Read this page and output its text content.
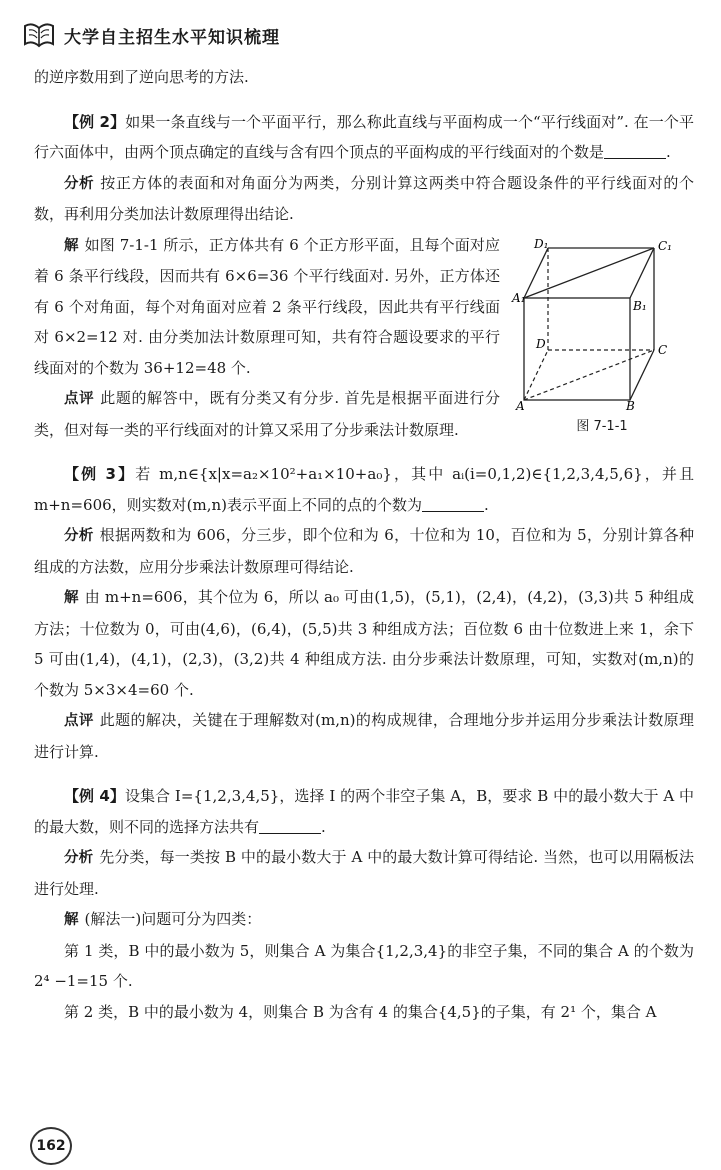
大学自主招生水平知识梳理

的逆序数用到了逆向思考的方法.

【例 2】如果一条直线与一个平面平行，那么称此直线与平面构成一个“平行线面对”. 在一个平行六面体中，由两个顶点确定的直线与含有四个顶点的平面构成的平行线面对的个数是	.

分析 按正方体的表面和对角面分为两类，分别计算这两类中符合题设条件的平行线面对的个数，再利用分类加法计数原理得出结论.

D₁	C₁
A₁
B₁
D	C
A	B
图 7-1-1

解 如图 7-1-1 所示，正方体共有 6 个正方形平面，且每个面对应着 6 条平行线段，因而共有 6×6=36 个平行线面对. 另外，正方体还有 6 个对角面，每个对角面对应着 2 条平行线段，因此共有平行线面对 6×2=12 对. 由分类加法计数原理可知，共有符合题设要求的平行线面对的个数为 36+12=48 个.

点评 此题的解答中，既有分类又有分步. 首先是根据平面进行分类，但对每一类的平行线面对的计算又采用了分步乘法计数原理.

【例 3】若 m,n∈{x|x=a₂×10²+a₁×10+a₀}，其中 aᵢ(i=0,1,2)∈{1,2,3,4,5,6}，并且 m+n=606，则实数对(m,n)表示平面上不同的点的个数为	.

分析 根据两数和为 606，分三步，即个位和为 6，十位和为 10，百位和为 5，分别计算各种组成的方法数，应用分步乘法计数原理可得结论.

解 由 m+n=606，其个位为 6，所以 a₀ 可由(1,5)，(5,1)，(2,4)，(4,2)，(3,3)共 5 种组成方法；十位数为 0，可由(4,6)，(6,4)，(5,5)共 3 种组成方法；百位数 6 由十位数进上来 1，余下 5 可由(1,4)，(4,1)，(2,3)，(3,2)共 4 种组成方法. 由分步乘法计数原理，可知，实数对(m,n)的个数为 5×3×4=60 个.

点评 此题的解决，关键在于理解数对(m,n)的构成规律，合理地分步并运用分步乘法计数原理进行计算.

【例 4】设集合 I={1,2,3,4,5}，选择 I 的两个非空子集 A，B，要求 B 中的最小数大于 A 中的最大数，则不同的选择方法共有	.

分析 先分类，每一类按 B 中的最小数大于 A 中的最大数计算可得结论. 当然，也可以用隔板法进行处理.

解 (解法一)问题可分为四类：

第 1 类，B 中的最小数为 5，则集合 A 为集合{1,2,3,4}的非空子集，不同的集合 A 的个数为 2⁴ −1=15 个.

第 2 类，B 中的最小数为 4，则集合 B 为含有 4 的集合{4,5}的子集，有 2¹ 个，集合 A

162
